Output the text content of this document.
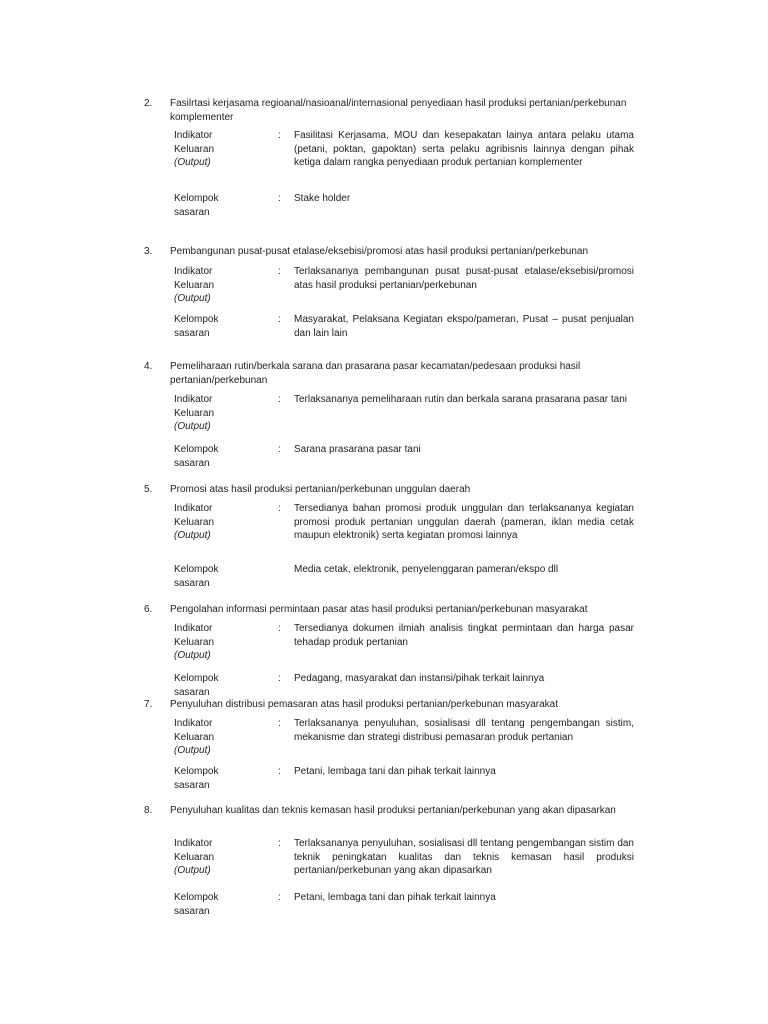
2. Fasilrtasi kerjasama regioanal/nasioanal/internasional penyediaan hasil produksi pertanian/perkebunan komplementer
Indikator
Keluaran
(Output)
: Fasilitasi Kerjasama, MOU dan kesepakatan lainya antara pelaku utama (petani, poktan, gapoktan) serta pelaku agribisnis lainnya dengan pihak ketiga dalam rangka penyediaan produk pertanian komplementer
Kelompok
sasaran
: Stake holder
3. Pembangunan pusat-pusat etalase/eksebisi/promosi atas hasil produksi pertanian/perkebunan
Indikator
Keluaran
(Output)
: Terlaksananya pembangunan pusat pusat-pusat etalase/eksebisi/promosi atas hasil produksi pertanian/perkebunan
Kelompok
sasaran
: Masyarakat, Pelaksana Kegiatan ekspo/pameran, Pusat – pusat penjualan dan lain lain
4. Pemeliharaan rutin/berkala sarana dan prasarana pasar kecamatan/pedesaan produksi hasil pertanian/perkebunan
Indikator
Keluaran
(Output)
: Terlaksananya pemeliharaan rutin dan berkala sarana prasarana pasar tani
Kelompok
sasaran
: Sarana prasarana pasar tani
5. Promosi atas hasil produksi pertanian/perkebunan unggulan daerah
Indikator
Keluaran
(Output)
: Tersedianya bahan promosi produk unggulan dan terlaksananya kegiatan promosi produk pertanian unggulan daerah (pameran, iklan media cetak maupun elektronik) serta kegiatan promosi lainnya
Kelompok
sasaran
Media cetak, elektronik, penyelenggaran pameran/ekspo dll
6. Pengolahan informasi permintaan pasar atas hasil produksi pertanian/perkebunan masyarakat
Indikator
Keluaran
(Output)
: Tersedianya dokumen ilmiah analisis tingkat permintaan dan harga pasar tehadap produk pertanian
Kelompok
sasaran
: Pedagang, masyarakat dan instansi/pihak terkait lainnya
7. Penyuluhan distribusi pemasaran atas hasil produksi pertanian/perkebunan masyarakat
Indikator
Keluaran
(Output)
: Terlaksananya penyuluhan, sosialisasi dll tentang pengembangan sistim, mekanisme dan strategi distribusi pemasaran produk pertanian
Kelompok
sasaran
: Petani, lembaga tani dan pihak terkait lainnya
8. Penyuluhan kualitas dan teknis kemasan hasil produksi pertanian/perkebunan yang akan dipasarkan
Indikator
Keluaran
(Output)
: Terlaksananya penyuluhan, sosialisasi dll tentang pengembangan sistim dan teknik peningkatan kualitas dan teknis kemasan hasil produksi pertanian/perkebunan yang akan dipasarkan
Kelompok
sasaran
: Petani, lembaga tani dan pihak terkait lainnya
